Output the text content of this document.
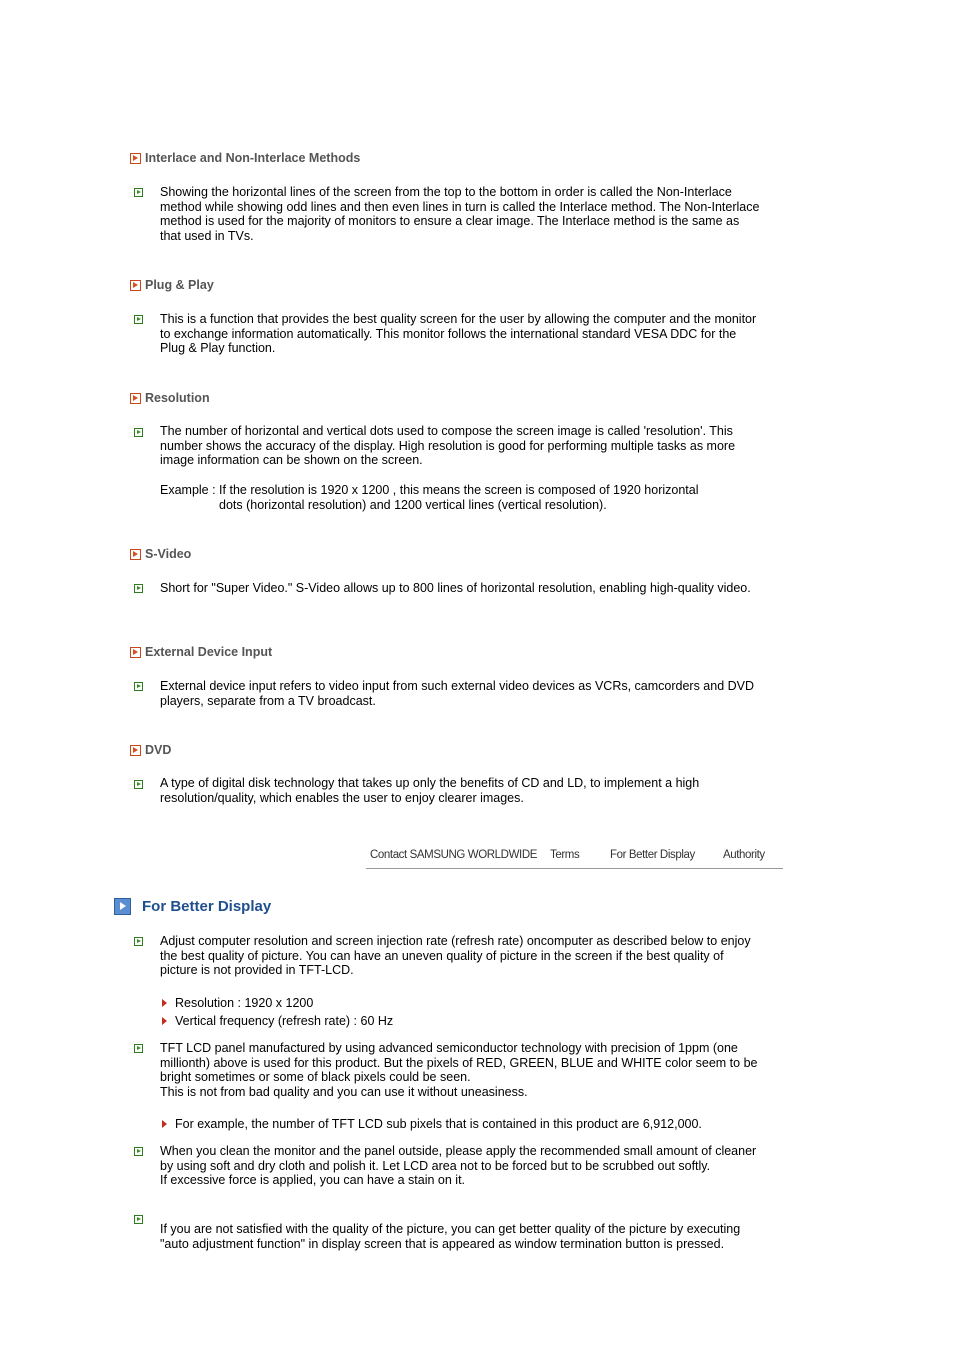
Interlace and Non-Interlace Methods
Showing the horizontal lines of the screen from the top to the bottom in order is called the Non-Interlace method while showing odd lines and then even lines in turn is called the Interlace method. The Non-Interlace method is used for the majority of monitors to ensure a clear image. The Interlace method is the same as that used in TVs.
Plug & Play
This is a function that provides the best quality screen for the user by allowing the computer and the monitor to exchange information automatically. This monitor follows the international standard VESA DDC for the Plug & Play function.
Resolution
The number of horizontal and vertical dots used to compose the screen image is called 'resolution'. This number shows the accuracy of the display. High resolution is good for performing multiple tasks as more image information can be shown on the screen.
Example : If the resolution is 1920 x 1200 , this means the screen is composed of 1920 horizontal
dots (horizontal resolution) and 1200 vertical lines (vertical resolution).
S-Video
Short for "Super Video." S-Video allows up to 800 lines of horizontal resolution, enabling high-quality video.
External Device Input
External device input refers to video input from such external video devices as VCRs, camcorders and DVD players, separate from a TV broadcast.
DVD
A type of digital disk technology that takes up only the benefits of CD and LD, to implement a high resolution/quality, which enables the user to enjoy clearer images.
Contact SAMSUNG WORLDWIDE Terms	For Better Display Authority
For Better Display
Adjust computer resolution and screen injection rate (refresh rate) oncomputer as described below to enjoy the best quality of picture. You can have an uneven quality of picture in the screen if the best quality of picture is not provided in TFT-LCD.
Resolution : 1920 x 1200
Vertical frequency (refresh rate) : 60 Hz
TFT LCD panel manufactured by using advanced semiconductor technology with precision of 1ppm (one millionth) above is used for this product. But the pixels of RED, GREEN, BLUE and WHITE color seem to be bright sometimes or some of black pixels could be seen.
This is not from bad quality and you can use it without uneasiness.
For example, the number of TFT LCD sub pixels that is contained in this product are 6,912,000.
When you clean the monitor and the panel outside, please apply the recommended small amount of cleaner by using soft and dry cloth and polish it. Let LCD area not to be forced but to be scrubbed out softly.
If excessive force is applied, you can have a stain on it.
If you are not satisfied with the quality of the picture, you can get better quality of the picture by executing "auto adjustment function" in display screen that is appeared as window termination button is pressed.
